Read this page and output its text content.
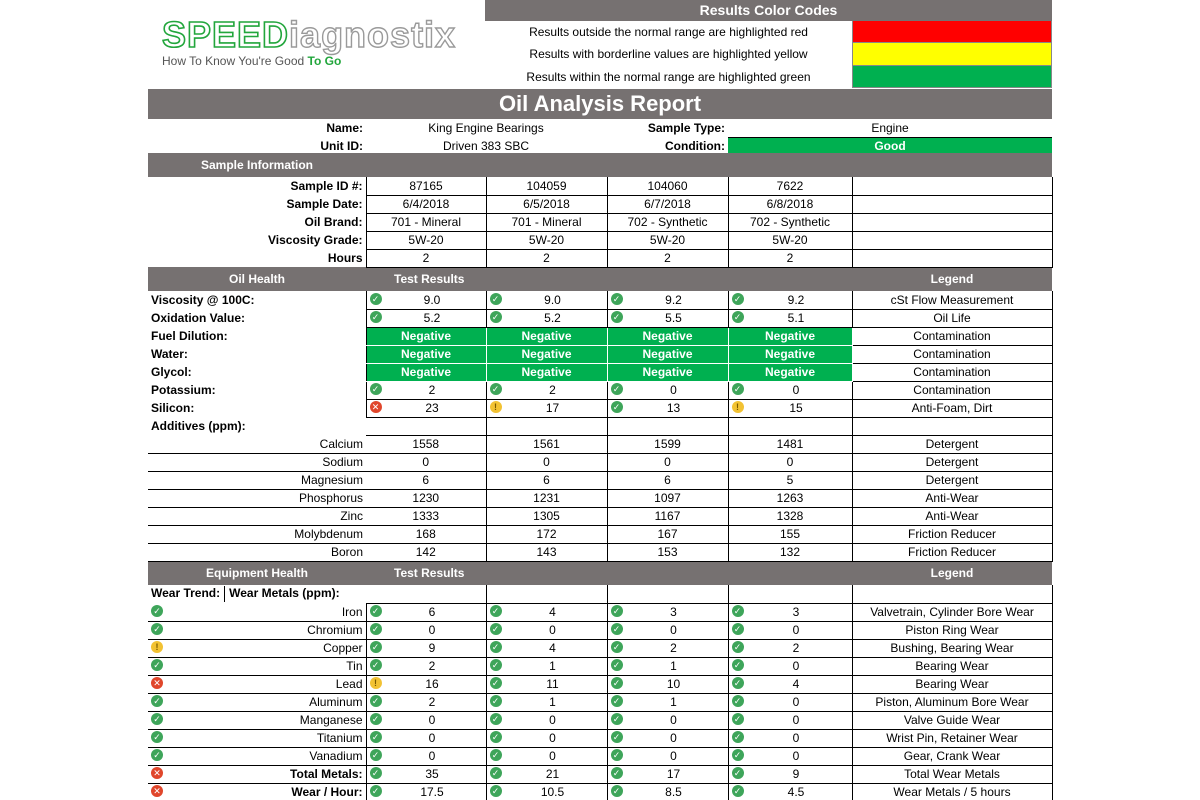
SPEEDiagnostix
How To Know You're Good To Go
Results Color Codes
Results outside the normal range are highlighted red
Results with borderline values are highlighted yellow
Results within the normal range are highlighted green
Oil Analysis Report
Name:	King Engine Bearings	Sample Type:	Engine
Unit ID:	Driven 383 SBC	Condition:	Good
Sample Information					
Sample ID #:	87165	104059	104060	7622	
Sample Date:	6/4/2018	6/5/2018	6/7/2018	6/8/2018	
Oil Brand:	701 - Mineral	701 - Mineral	702 - Synthetic	702 - Synthetic	
Viscosity Grade:	5W-20	5W-20	5W-20	5W-20	
Hours	2	2	2	2	
Oil Health	Test Results				Legend
Viscosity @ 100C:	✓ 9.0	✓ 9.0	✓ 9.2	✓ 9.2	cSt Flow Measurement
Oxidation Value:	✓ 5.2	✓ 5.2	✓ 5.5	✓ 5.1	Oil Life
Fuel Dilution:	Negative	Negative	Negative	Negative	Contamination
Water:	Negative	Negative	Negative	Negative	Contamination
Glycol:	Negative	Negative	Negative	Negative	Contamination
Potassium:	✓ 2	✓ 2	✓ 0	✓ 0	Contamination
Silicon:	✕ 23	! 17	✓ 13	! 15	Anti-Foam, Dirt
Additives (ppm):					
Calcium	1558	1561	1599	1481	Detergent
Sodium	0	0	0	0	Detergent
Magnesium	6	6	6	5	Detergent
Phosphorus	1230	1231	1097	1263	Anti-Wear
Zinc	1333	1305	1167	1328	Anti-Wear
Molybdenum	168	172	167	155	Friction Reducer
Boron	142	143	153	132	Friction Reducer
Equipment Health	Test Results				Legend
Wear Trend: Wear Metals (ppm):					

✓ Iron	✓ 6	✓ 4	✓ 3	✓ 3	Valvetrain, Cylinder Bore Wear

✓ Chromium	✓ 0	✓ 0	✓ 0	✓ 0	Piston Ring Wear

! Copper	✓ 9	✓ 4	✓ 2	✓ 2	Bushing, Bearing Wear

✓ Tin	✓ 2	✓ 1	✓ 1	✓ 0	Bearing Wear

✕ Lead	! 16	✓ 11	✓ 10	✓ 4	Bearing Wear

✓ Aluminum	✓ 2	✓ 1	✓ 1	✓ 0	Piston, Aluminum Bore Wear

✓ Manganese	✓ 0	✓ 0	✓ 0	✓ 0	Valve Guide Wear

✓ Titanium	✓ 0	✓ 0	✓ 0	✓ 0	Wrist Pin, Retainer Wear

✓ Vanadium	✓ 0	✓ 0	✓ 0	✓ 0	Gear, Crank Wear

✕ Total Metals:	✓ 35	✓ 21	✓ 17	✓ 9	Total Wear Metals

✕ Wear / Hour:	✓ 17.5	✓ 10.5	✓ 8.5	✓ 4.5	Wear Metals / 5 hours
